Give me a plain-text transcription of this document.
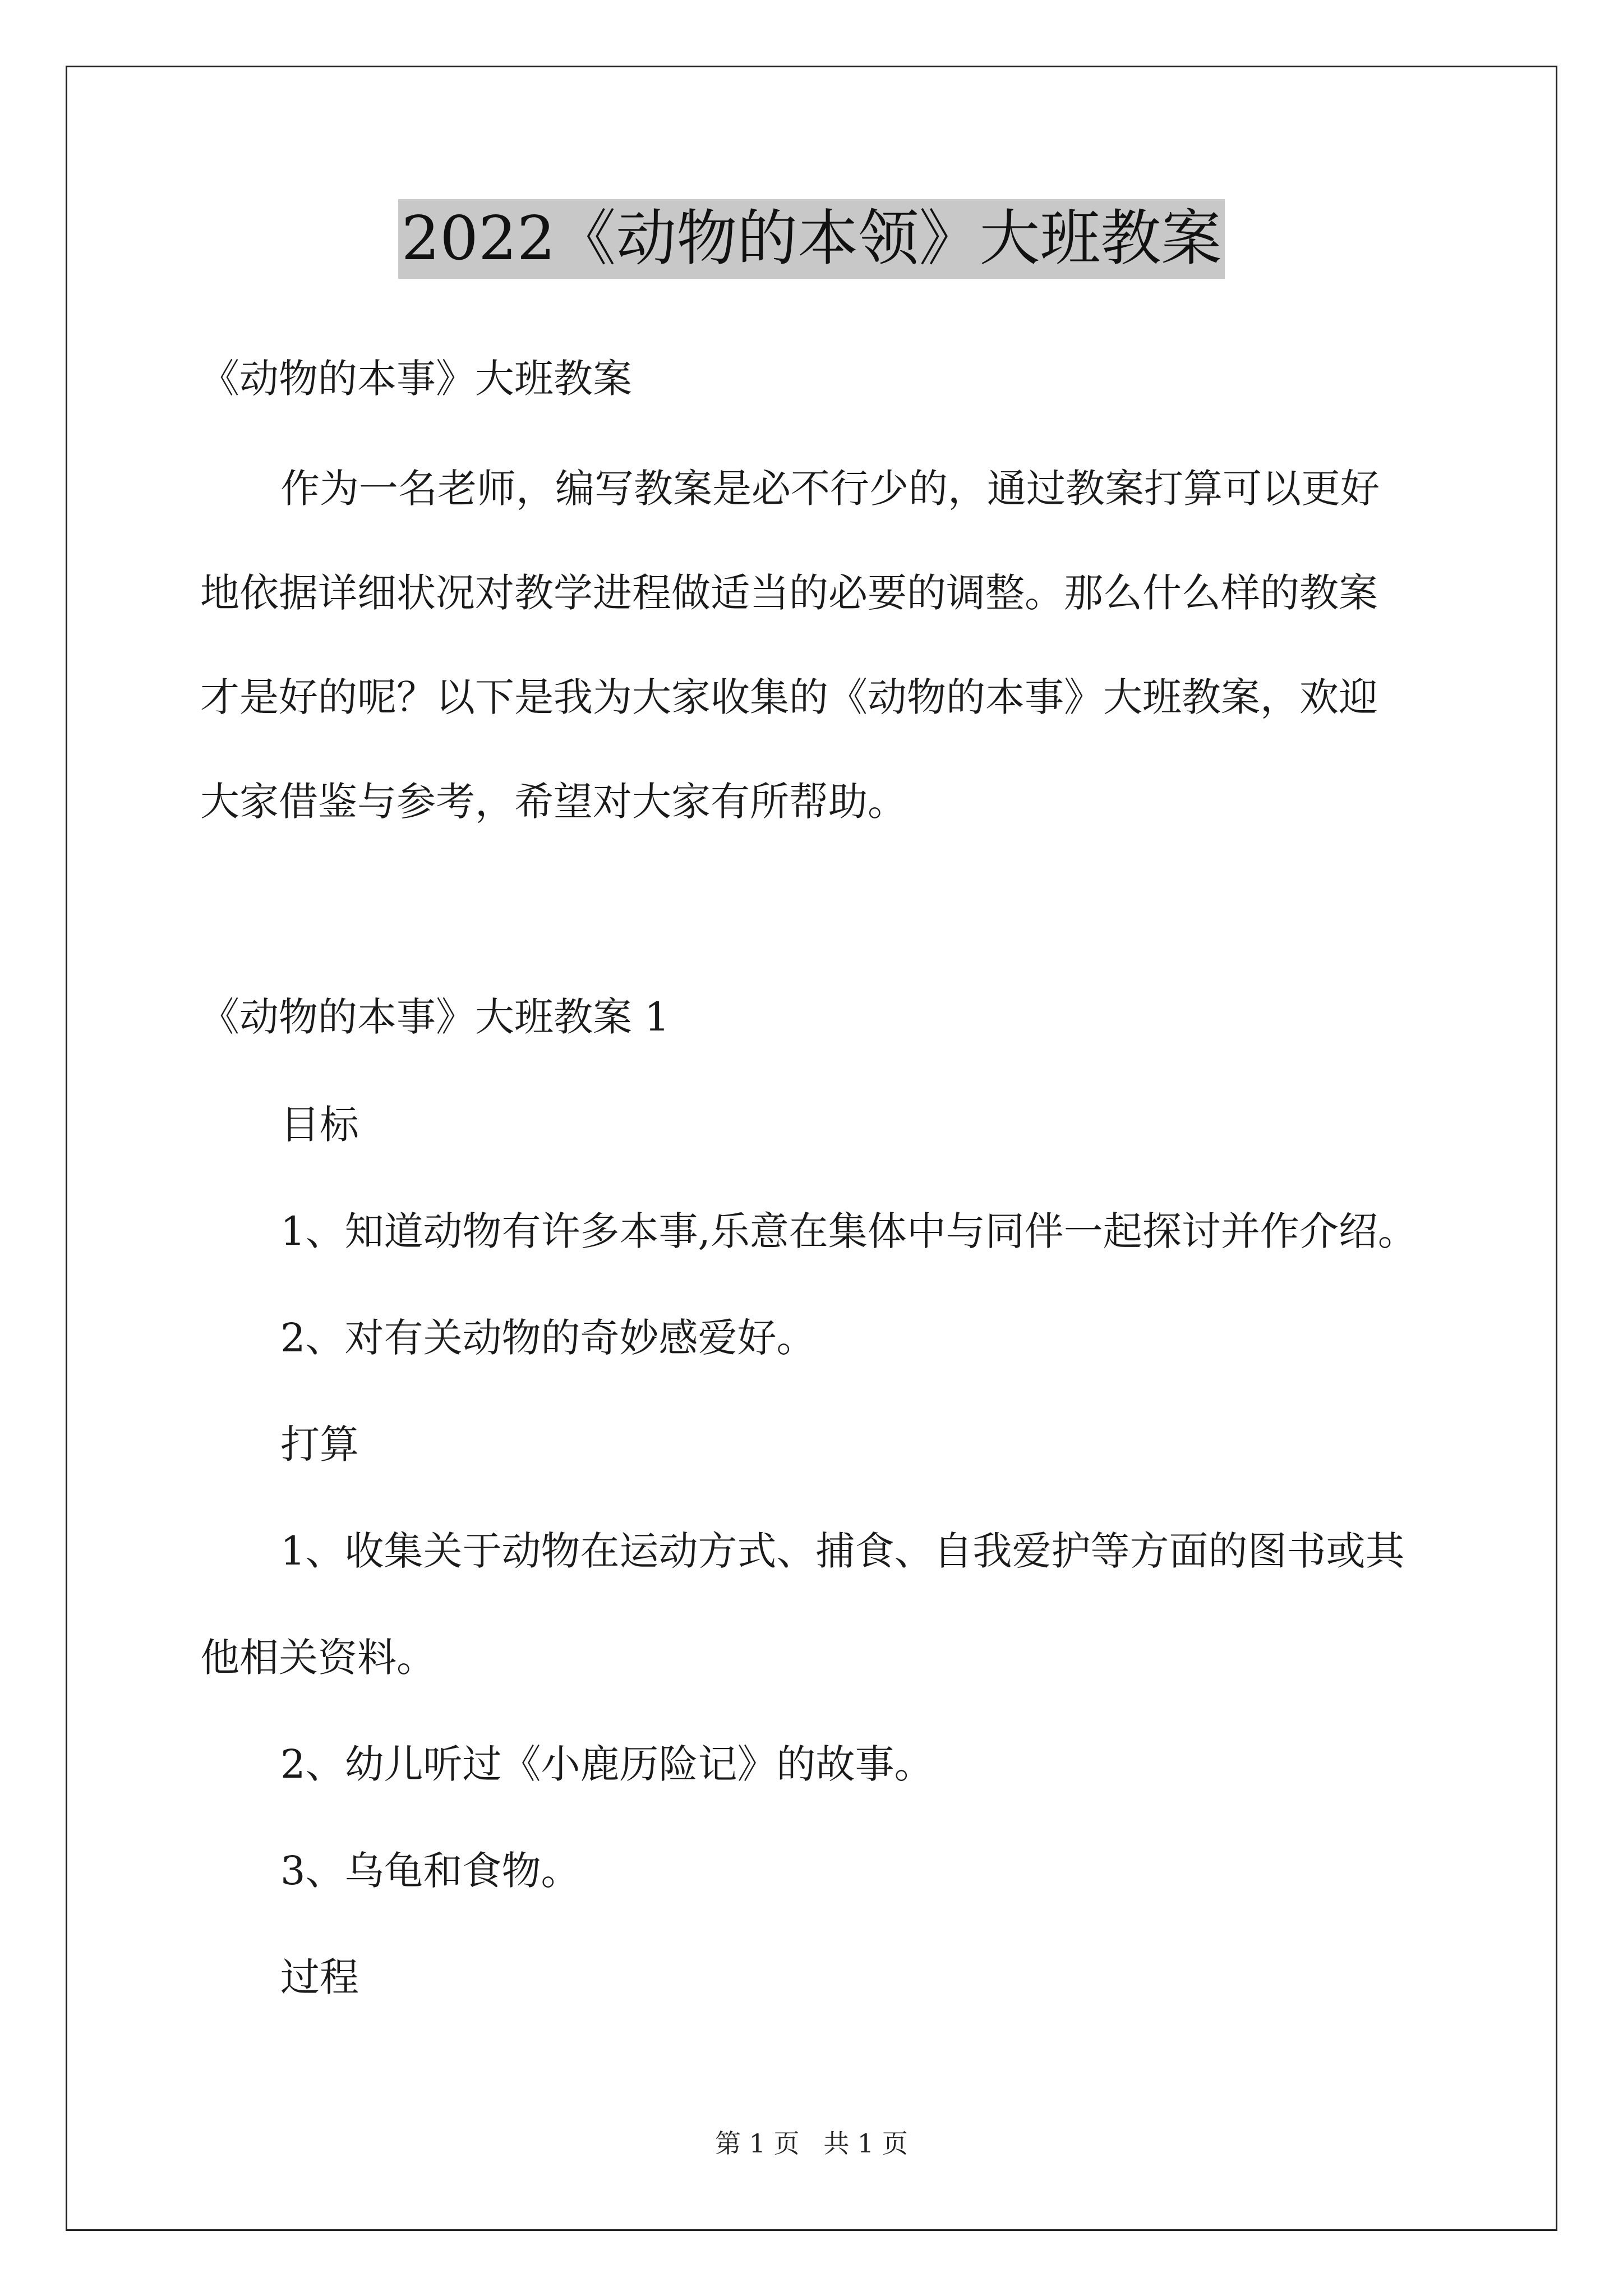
2022《动物的本领》大班教案
《动物的本事》大班教案
作为一名老师，编写教案是必不行少的，通过教案打算可以更好
地依据详细状况对教学进程做适当的必要的调整。那么什么样的教案
才是好的呢？以下是我为大家收集的《动物的本事》大班教案，欢迎
大家借鉴与参考，希望对大家有所帮助。
《动物的本事》大班教案 1
目标
1、知道动物有许多本事,乐意在集体中与同伴一起探讨并作介绍。
2、对有关动物的奇妙感爱好。
打算
1、收集关于动物在运动方式、捕食、自我爱护等方面的图书或其
他相关资料。
2、幼儿听过《小鹿历险记》的故事。
3、乌龟和食物。
过程
第 1 页 共 1 页
